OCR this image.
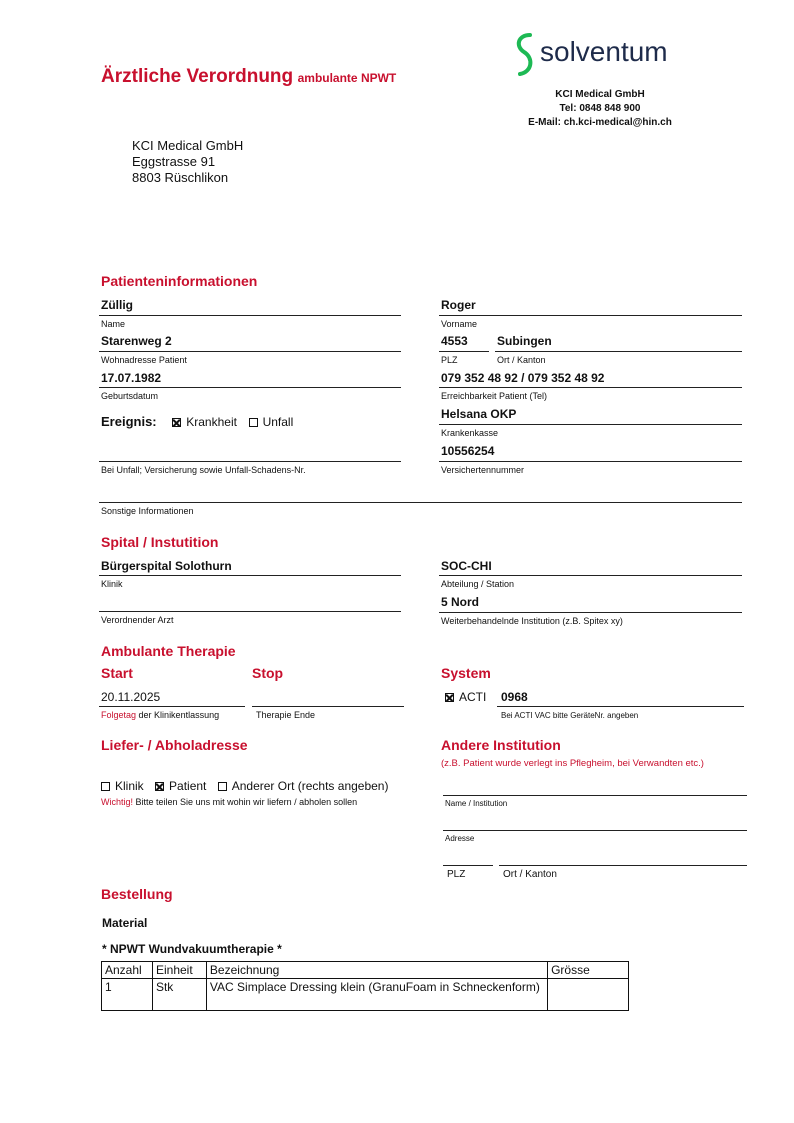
Ärztliche Verordnung ambulante NPWT
solventum
KCI Medical GmbH
Tel: 0848 848 900
E-Mail: ch.kci-medical@hin.ch
KCI Medical GmbH
Eggstrasse 91
8803 Rüschlikon
Patienteninformationen
Züllig
Name
Roger
Vorname
Starenweg 2
Wohnadresse Patient
4553
PLZ
Subingen
Ort / Kanton
17.07.1982
Geburtsdatum
079 352 48 92 / 079 352 48 92
Erreichbarkeit Patient (Tel)
Ereignis: Krankheit Unfall
Helsana OKP
Krankenkasse
Bei Unfall; Versicherung sowie Unfall-Schadens-Nr.
10556254
Versichertennummer
Sonstige Informationen
Spital / Instutition
Bürgerspital Solothurn
Klinik
SOC-CHI
Abteilung / Station
Verordnender Arzt
5 Nord
Weiterbehandelnde Institution (z.B. Spitex xy)
Ambulante Therapie
Start	Stop	System
20.11.2025
Folgetag der Klinikentlassung	Therapie Ende
ACTI 0968
Bei ACTI VAC bitte GeräteNr. angeben
Liefer- / Abholadresse
Klinik Patient Anderer Ort (rechts angeben)
Wichtig! Bitte teilen Sie uns mit wohin wir liefern / abholen sollen
Andere Institution
(z.B. Patient wurde verlegt ins Pflegheim, bei Verwandten etc.)
Name / Institution
Adresse
PLZ	Ort / Kanton
Bestellung
Material
* NPWT Wundvakuumtherapie *
Anzahl	Einheit	Bezeichnung	Grösse
1	Stk	VAC Simplace Dressing klein (GranuFoam in Schneckenform)	
